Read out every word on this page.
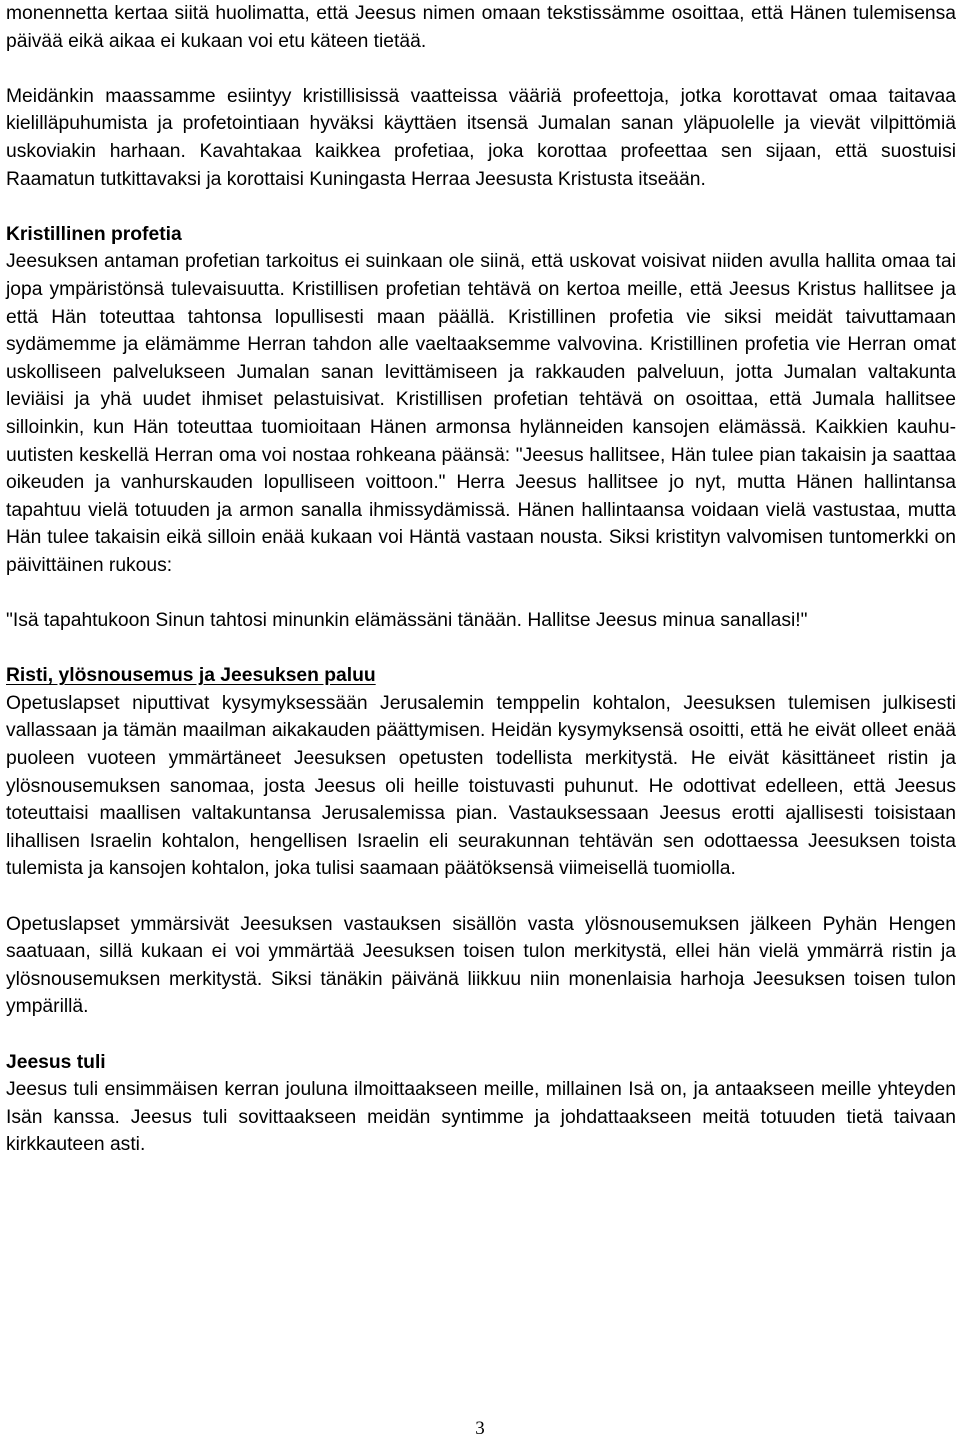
monennetta kertaa siitä huolimatta, että Jeesus nimen omaan tekstissämme osoittaa, että Hänen tulemisensa päivää eikä aikaa ei kukaan voi etu käteen tietää.

Meidänkin maassamme esiintyy kristillisissä vaatteissa vääriä profeettoja, jotka korottavat omaa taitavaa kielilläpuhumista ja profetointiaan hyväksi käyttäen itsensä Jumalan sanan yläpuolelle ja vievät vilpittömiä uskoviakin harhaan. Kavahtakaa kaikkea profetiaa, joka korottaa profeettaa sen sijaan, että suostuisi Raamatun tutkittavaksi ja korottaisi Kuningasta Herraa Jeesusta Kristusta itseään.

Kristillinen profetia

Jeesuksen antaman profetian tarkoitus ei suinkaan ole siinä, että uskovat voisivat niiden avulla hallita omaa tai jopa ympäristönsä tulevaisuutta. Kristillisen profetian tehtävä on kertoa meille, että Jeesus Kristus hallitsee ja että Hän toteuttaa tahtonsa lopullisesti maan päällä. Kristillinen profetia vie siksi meidät taivuttamaan sydämemme ja elämämme Herran tahdon alle vaeltaaksemme valvovina. Kristillinen profetia vie Herran omat uskolliseen palvelukseen Jumalan sanan levittämiseen ja rakkauden palveluun, jotta Jumalan valtakunta leviäisi ja yhä uudet ihmiset pelastuisivat. Kristillisen profetian tehtävä on osoittaa, että Jumala hallitsee silloinkin, kun Hän toteuttaa tuomioitaan Hänen armonsa hylänneiden kansojen elämässä. Kaikkien kauhu-uutisten keskellä Herran oma voi nostaa rohkeana päänsä: "Jeesus hallitsee, Hän tulee pian takaisin ja saattaa oikeuden ja vanhurskauden lopulliseen voittoon." Herra Jeesus hallitsee jo nyt, mutta Hänen hallintansa tapahtuu vielä totuuden ja armon sanalla ihmissydämissä. Hänen hallintaansa voidaan vielä vastustaa, mutta Hän tulee takaisin eikä silloin enää kukaan voi Häntä vastaan nousta. Siksi kristityn valvomisen tuntomerkki on päivittäinen rukous:

"Isä tapahtukoon Sinun tahtosi minunkin elämässäni tänään. Hallitse Jeesus minua sanallasi!"

Risti, ylösnousemus ja Jeesuksen paluu

Opetuslapset niputtivat kysymyksessään Jerusalemin temppelin kohtalon, Jeesuksen tulemisen julkisesti vallassaan ja tämän maailman aikakauden päättymisen. Heidän kysymyksensä osoitti, että he eivät olleet enää puoleen vuoteen ymmärtäneet Jeesuksen opetusten todellista merkitystä. He eivät käsittäneet ristin ja ylösnousemuksen sanomaa, josta Jeesus oli heille toistuvasti puhunut. He odottivat edelleen, että Jeesus toteuttaisi maallisen valtakuntansa Jerusalemissa pian. Vastauksessaan Jeesus erotti ajallisesti toisistaan lihallisen Israelin kohtalon, hengellisen Israelin eli seurakunnan tehtävän sen odottaessa Jeesuksen toista tulemista ja kansojen kohtalon, joka tulisi saamaan päätöksensä viimeisellä tuomiolla.

Opetuslapset ymmärsivät Jeesuksen vastauksen sisällön vasta ylösnousemuksen jälkeen Pyhän Hengen saatuaan, sillä kukaan ei voi ymmärtää Jeesuksen toisen tulon merkitystä, ellei hän vielä ymmärrä ristin ja ylösnousemuksen merkitystä. Siksi tänäkin päivänä liikkuu niin monenlaisia harhoja Jeesuksen toisen tulon ympärillä.

Jeesus tuli

Jeesus tuli ensimmäisen kerran jouluna ilmoittaakseen meille, millainen Isä on, ja antaakseen meille yhteyden Isän kanssa. Jeesus tuli sovittaakseen meidän syntimme ja johdattaakseen meitä totuuden tietä taivaan kirkkauteen asti.

3
